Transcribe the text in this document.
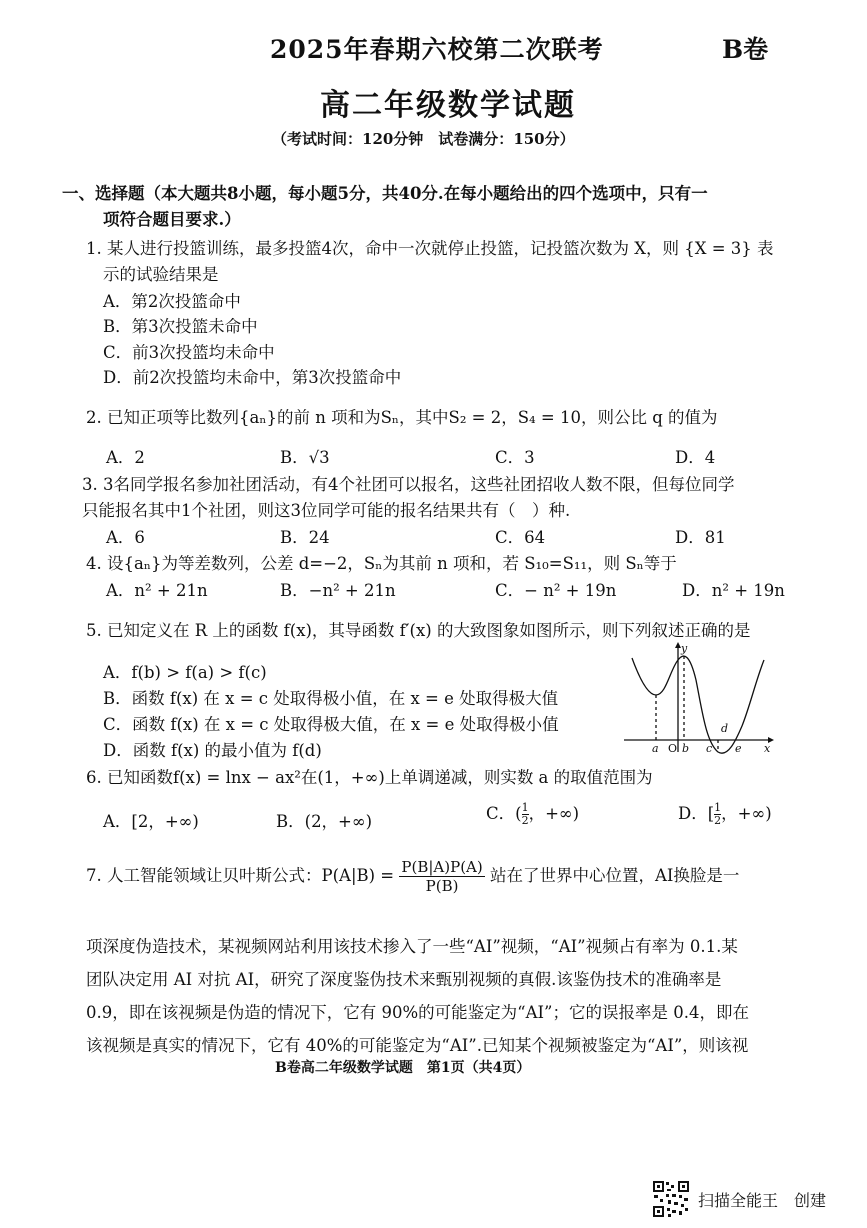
2025年春期六校第二次联考	B卷
高二年级数学试题
（考试时间：120分钟　试卷满分：150分）
一、选择题（本大题共8小题，每小题5分，共40分.在每小题给出的四个选项中，只有一
项符合题目要求.）
1. 某人进行投篮训练，最多投篮4次，命中一次就停止投篮，记投篮次数为 X，则 {X = 3} 表
示的试验结果是
A．第2次投篮命中
B．第3次投篮未命中
C．前3次投篮均未命中
D．前2次投篮均未命中，第3次投篮命中
2. 已知正项等比数列{aₙ}的前 n 项和为Sₙ，其中S₂ = 2，S₄ = 10，则公比 q 的值为
A．2	B．√3	C．3	D．4
3. 3名同学报名参加社团活动，有4个社团可以报名，这些社团招收人数不限，但每位同学
只能报名其中1个社团，则这3位同学可能的报名结果共有（　）种.
A．6	B．24	C．64	D．81
4. 设{aₙ}为等差数列，公差 d=−2，Sₙ为其前 n 项和，若 S₁₀=S₁₁，则 Sₙ等于
A．n² + 21n	B．−n² + 21n	C．− n² + 19n	D．n² + 19n
5. 已知定义在 R 上的函数 f(x)，其导函数 f′(x) 的大致图象如图所示，则下列叙述正确的是
A．f(b) > f(a) > f(c)
B．函数 f(x) 在 x = c 处取得极小值，在 x = e 处取得极大值
C．函数 f(x) 在 x = c 处取得极大值，在 x = e 处取得极小值
D．函数 f(x) 的最小值为 f(d)
y
x
a O b c
d
e
6. 已知函数f(x) = lnx − ax²在(1，+∞)上单调递减，则实数 a 的取值范围为
A．[2，+∞)	B．(2，+∞)	C．( $\frac{1}{2}$，+∞)	D．[ $\frac{1}{2}$，+∞)
7. 人工智能领域让贝叶斯公式：$P(A|B) = \frac{P(B|A)P(A)}{P(B)}$ 站在了世界中心位置，AI换脸是一
项深度伪造技术，某视频网站利用该技术掺入了一些“AI”视频，“AI”视频占有率为 0.1.某
团队决定用 AI 对抗 AI，研究了深度鉴伪技术来甄别视频的真假.该鉴伪技术的准确率是
0.9，即在该视频是伪造的情况下，它有 90%的可能鉴定为“AI”；它的误报率是 0.4，即在
该视频是真实的情况下，它有 40%的可能鉴定为“AI”.已知某个视频被鉴定为“AI”，则该视
B卷高二年级数学试题　第1页（共4页）
扫描全能王　创建
